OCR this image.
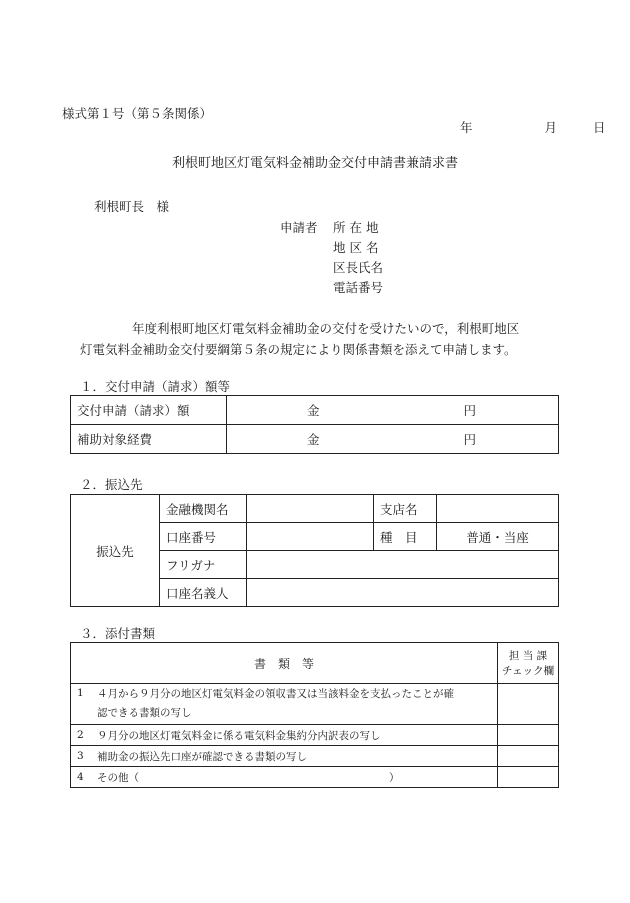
様式第１号（第５条関係）
年	月	日
利根町地区灯電気料金補助金交付申請書兼請求書
利根町長　様
申請者 所 在 地
地 区 名
区長氏名
電話番号
年度利根町地区灯電気料金補助金の交付を受けたいので，利根町地区
灯電気料金補助金交付要綱第５条の規定により関係書類を添えて申請します。
１．交付申請（請求）額等
交付申請（請求）額	金 円
補助対象経費	金 円
２．振込先
振込先	金融機関名		支店名	
	口座番号		種　目	普通・当座
	フリガナ			
	口座名義人			
３．添付書類
書　類　等		担 当 課
チェック欄

1	４月から９月分の地区灯電気料金の領収書又は当該料金を支払ったことが確
認できる書類の写し	

2	９月分の地区灯電気料金に係る電気料金集約分内訳表の写し	
3	補助金の振込先口座が確認できる書類の写し	
4	その他（ ）	
